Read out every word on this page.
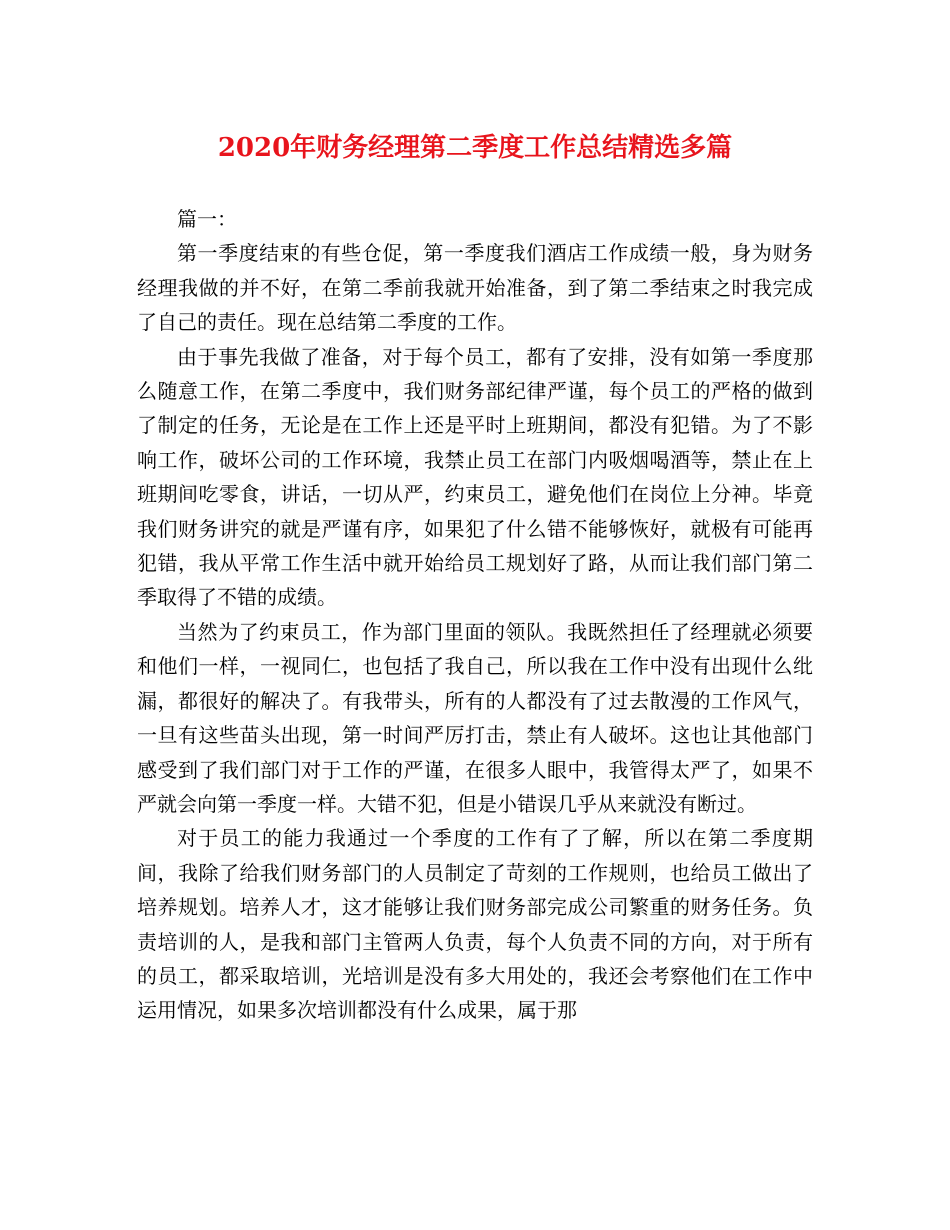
2020年财务经理第二季度工作总结精选多篇

篇一：

第一季度结束的有些仓促，第一季度我们酒店工作成绩一般，身为财务经理我做的并不好，在第二季前我就开始准备，到了第二季结束之时我完成了自己的责任。现在总结第二季度的工作。

由于事先我做了准备，对于每个员工，都有了安排，没有如第一季度那么随意工作，在第二季度中，我们财务部纪律严谨，每个员工的严格的做到了制定的任务，无论是在工作上还是平时上班期间，都没有犯错。为了不影响工作，破坏公司的工作环境，我禁止员工在部门内吸烟喝酒等，禁止在上班期间吃零食，讲话，一切从严，约束员工，避免他们在岗位上分神。毕竟我们财务讲究的就是严谨有序，如果犯了什么错不能够恢好，就极有可能再犯错，我从平常工作生活中就开始给员工规划好了路，从而让我们部门第二季取得了不错的成绩。

当然为了约束员工，作为部门里面的领队。我既然担任了经理就必须要和他们一样，一视同仁，也包括了我自己，所以我在工作中没有出现什么纰漏，都很好的解决了。有我带头，所有的人都没有了过去散漫的工作风气，一旦有这些苗头出现，第一时间严厉打击，禁止有人破坏。这也让其他部门感受到了我们部门对于工作的严谨，在很多人眼中，我管得太严了，如果不严就会向第一季度一样。大错不犯，但是小错误几乎从来就没有断过。

对于员工的能力我通过一个季度的工作有了了解，所以在第二季度期间，我除了给我们财务部门的人员制定了苛刻的工作规则，也给员工做出了培养规划。培养人才，这才能够让我们财务部完成公司繁重的财务任务。负责培训的人，是我和部门主管两人负责，每个人负责不同的方向，对于所有的员工，都采取培训，光培训是没有多大用处的，我还会考察他们在工作中运用情况，如果多次培训都没有什么成果，属于那
